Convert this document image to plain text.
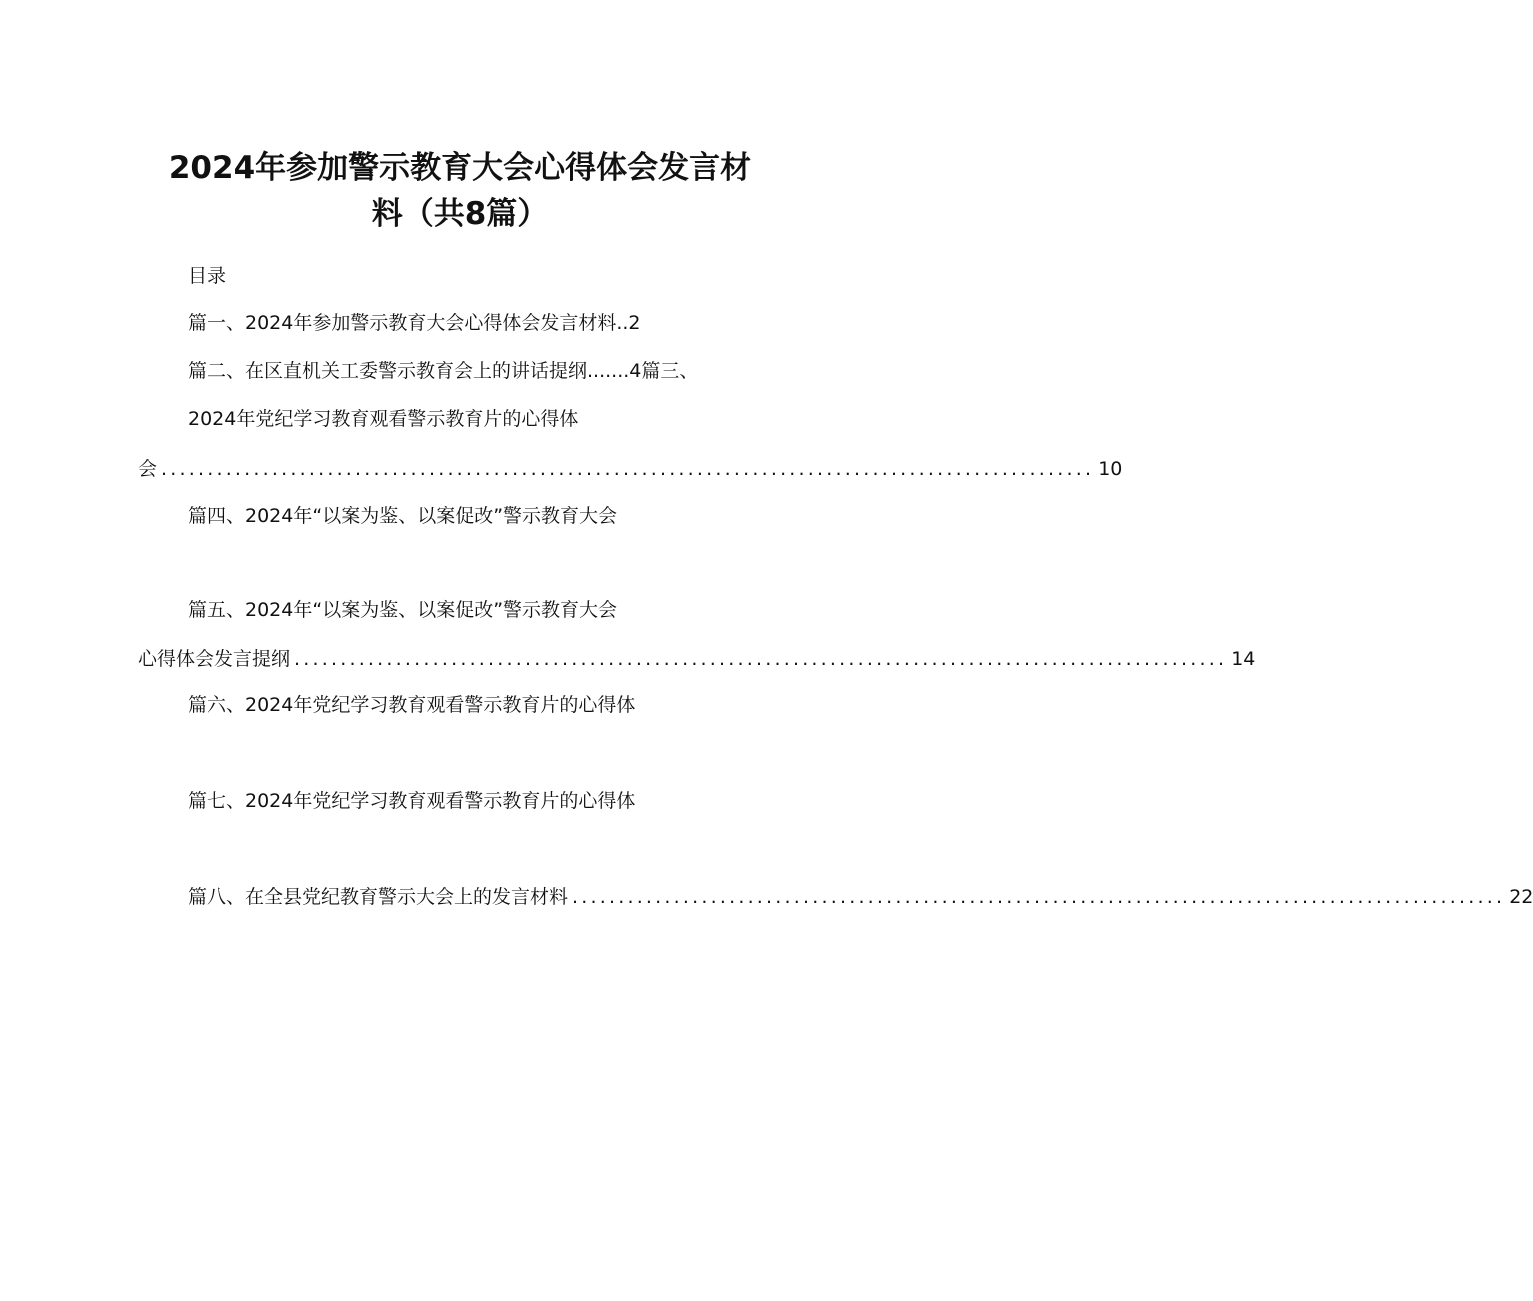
2024年参加警示教育大会心得体会发言材
料（共8篇）
目录
篇一、2024年参加警示教育大会心得体会发言材料..2
篇二、在区直机关工委警示教育会上的讲话提纲.......4篇三、
2024年党纪学习教育观看警示教育片的心得体
会 ..................................................................................................... 10
篇四、2024年“以案为鉴、以案促改”警示教育大会
篇五、2024年“以案为鉴、以案促改”警示教育大会
心得体会发言提纲 ..................................................................................................... 14
篇六、2024年党纪学习教育观看警示教育片的心得体
篇七、2024年党纪学习教育观看警示教育片的心得体
篇八、在全县党纪教育警示大会上的发言材料 ..................................................................................................... 22
